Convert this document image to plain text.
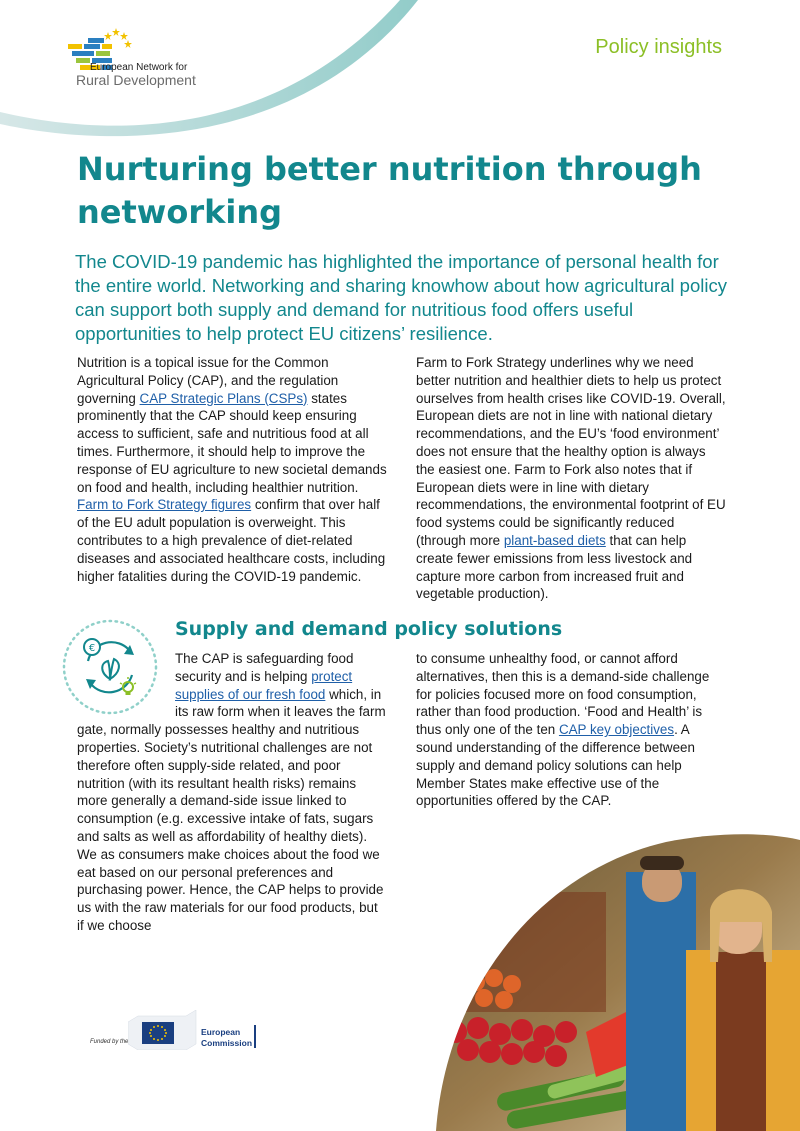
European Network for
Rural Development
Policy insights
Nurturing better nutrition through networking

The COVID-19 pandemic has highlighted the importance of personal health for the entire world. Networking and sharing knowhow about how agricultural policy can support both supply and demand for nutritious food offers useful opportunities to help protect EU citizens’ resilience.

Nutrition is a topical issue for the Common Agricultural Policy (CAP), and the regulation governing CAP Strategic Plans (CSPs) states prominently that the CAP should keep ensuring access to sufficient, safe and nutritious food at all times. Furthermore, it should help to improve the response of EU agriculture to new societal demands on food and health, including healthier nutrition. Farm to Fork Strategy figures confirm that over half of the EU adult population is overweight. This contributes to a high prevalence of diet-related diseases and associated healthcare costs, including higher fatalities during the COVID-19 pandemic.

Farm to Fork Strategy underlines why we need better nutrition and healthier diets to help us protect ourselves from health crises like COVID-19. Overall, European diets are not in line with national dietary recommendations, and the EU’s ‘food environment’ does not ensure that the healthy option is always the easiest one. Farm to Fork also notes that if European diets were in line with dietary recommendations, the environmental footprint of EU food systems could be significantly reduced (through more plant-based diets that can help create fewer emissions from less livestock and capture more carbon from increased fruit and vegetable production).

Supply and demand policy solutions
€

The CAP is safeguarding food security and is helping protect supplies of our fresh food which, in its raw form when it leaves the farm gate, normally possesses healthy and nutritious properties. Society’s nutritional challenges are not therefore often supply-side related, and poor nutrition (with its resultant health risks) remains more generally a demand-side issue linked to consumption (e.g. excessive intake of fats, sugars and salts as well as affordability of healthy diets). We as consumers make choices about the food we eat based on our personal preferences and purchasing power. Hence, the CAP helps to provide us with the raw materials for our food products, but if we choose

to consume unhealthy food, or cannot afford alternatives, then this is a demand-side challenge for policies focused more on food consumption, rather than food production. ‘Food and Health’ is thus only one of the ten CAP key objectives. A sound understanding of the difference between supply and demand policy solutions can help Member States make effective use of the opportunities offered by the CAP.

Funded by the
European
Commission
